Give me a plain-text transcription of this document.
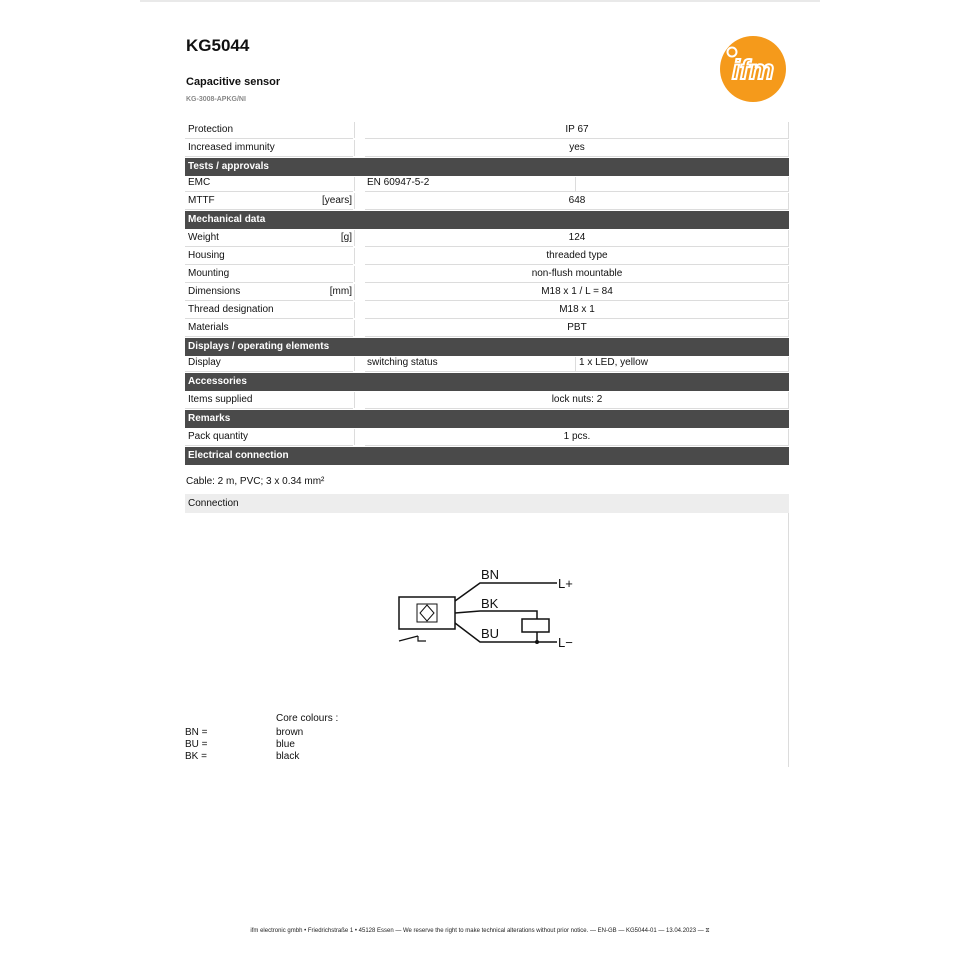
KG5044
Capacitive sensor
KG-3008-APKG/NI
ifm
Protection	IP 67
Increased immunity	yes
Tests / approvals
EMC	EN 60947-5-2
MTTF	[years]	648
Mechanical data
Weight	[g]	124
Housing	threaded type
Mounting	non-flush mountable
Dimensions	[mm]	M18 x 1 / L = 84
Thread designation	M18 x 1
Materials	PBT
Displays / operating elements
Display	switching status	1 x LED, yellow
Accessories
Items supplied	lock nuts: 2
Remarks
Pack quantity	1 pcs.
Electrical connection
Cable: 2 m, PVC; 3 x 0.34 mm²
Connection
BN
BK
BU
L+
L−
Core colours :
BN =	brown
BU =	blue
BK =	black
ifm electronic gmbh • Friedrichstraße 1 • 45128 Essen — We reserve the right to make technical alterations without prior notice. — EN-GB — KG5044-01 — 13.04.2023 — ⧖
